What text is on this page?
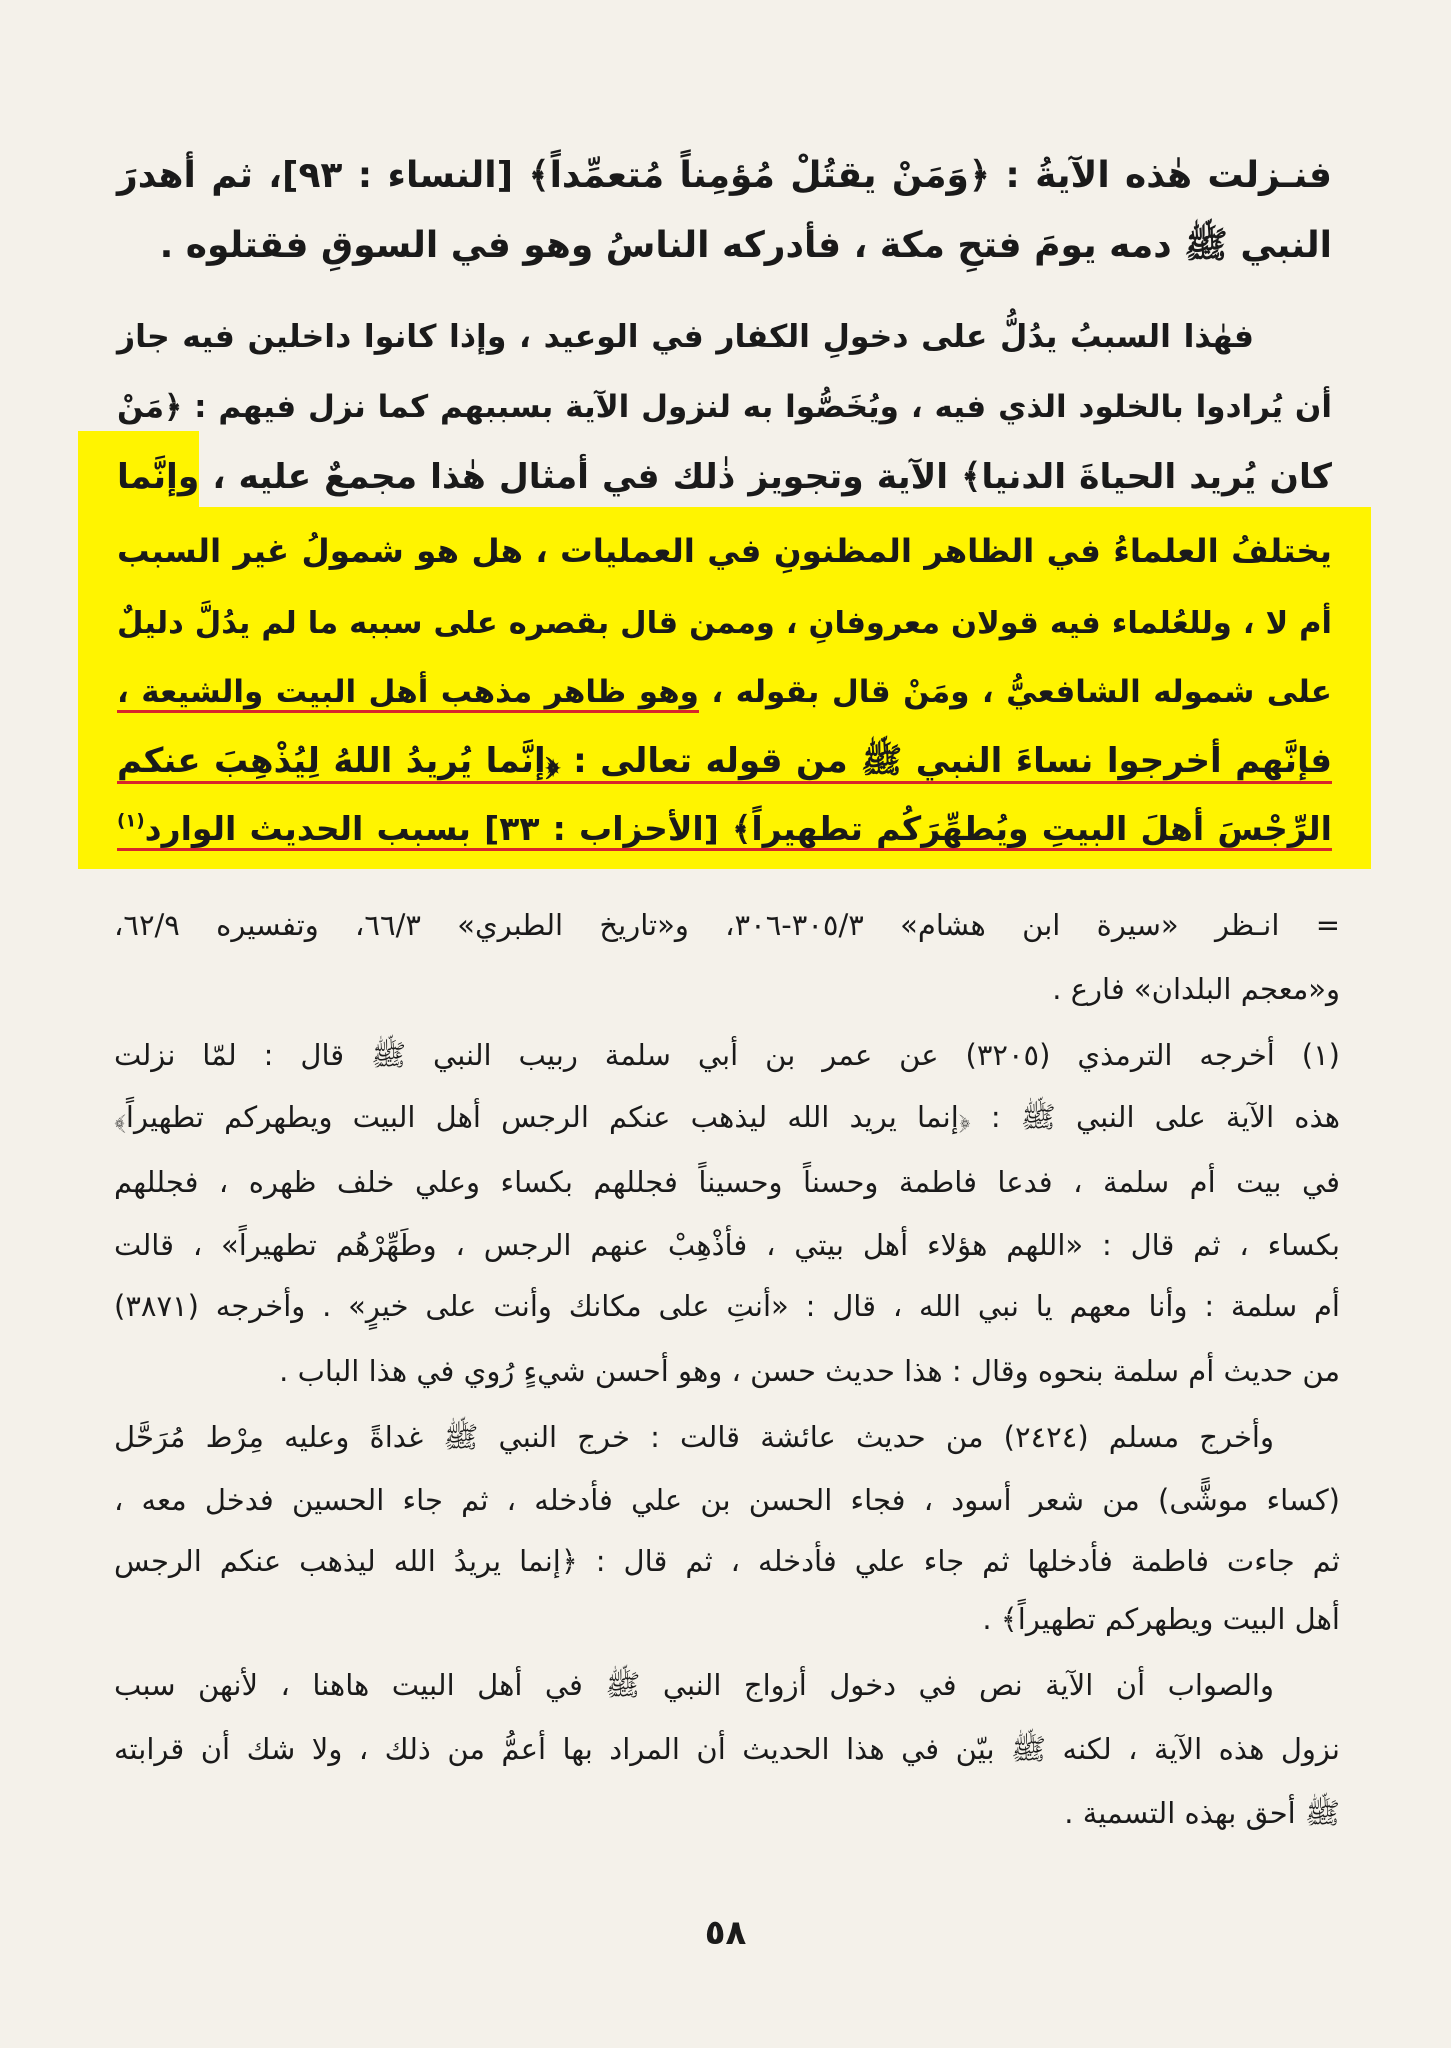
فنـزلت هٰذه الآيةُ : ﴿وَمَنْ يقتُلْ مُؤمِناً مُتعمِّداً﴾ [النساء : ٩٣]، ثم أهدرَ
النبي ﷺ دمه يومَ فتحِ مكة ، فأدركه الناسُ وهو في السوقِ فقتلوه .
فهٰذا السببُ يدُلُّ على دخولِ الكفار في الوعيد ، وإذا كانوا داخلين فيه جاز
أن يُرادوا بالخلود الذي فيه ، ويُخَصُّوا به لنزول الآية بسببهم كما نزل فيهم : ﴿مَنْ
كان يُريد الحياةَ الدنيا﴾ الآية وتجويز ذٰلك في أمثال هٰذا مجمعٌ عليه ، وإنَّما
يختلفُ العلماءُ في الظاهر المظنونِ في العمليات ، هل هو شمولُ غير السبب
أم لا ، وللعُلماء فيه قولان معروفانِ ، وممن قال بقصره على سببه ما لم يدُلَّ دليلٌ
على شموله الشافعيُّ ، ومَنْ قال بقوله ، وهو ظاهر مذهب أهل البيت والشيعة ،
فإنَّهم أخرجوا نساءَ النبي ﷺ من قوله تعالى : ﴿إنَّما يُريدُ اللهُ لِيُذْهِبَ عنكم
الرِّجْسَ أهلَ البيتِ ويُطهِّرَكُم تطهيراً﴾ [الأحزاب : ٣٣] بسبب الحديث الوارد$^{(١)}$
= انـظر «سيرة ابن هشام» ٣٠٥/٣-٣٠٦، و«تاريخ الطبري» ٦٦/٣، وتفسيره ٦٢/٩،
و«معجم البلدان» فارع .
(١) أخرجه الترمذي (٣٢٠٥) عن عمر بن أبي سلمة ربيب النبي ﷺ قال : لمّا نزلت
هذه الآية على النبي ﷺ : ﴿إنما يريد الله ليذهب عنكم الرجس أهل البيت ويطهركم تطهيراً﴾
في بيت أم سلمة ، فدعا فاطمة وحسناً وحسيناً فجللهم بكساء وعلي خلف ظهره ، فجللهم
بكساء ، ثم قال : «اللهم هؤلاء أهل بيتي ، فأذْهِبْ عنهم الرجس ، وطَهِّرْهُم تطهيراً» ، قالت
أم سلمة : وأنا معهم يا نبي الله ، قال : «أنتِ على مكانك وأنت على خيرٍ» . وأخرجه (٣٨٧١)
من حديث أم سلمة بنحوه وقال : هذا حديث حسن ، وهو أحسن شيءٍ رُوي في هذا الباب .
وأخرج مسلم (٢٤٢٤) من حديث عائشة قالت : خرج النبي ﷺ غداةً وعليه مِرْط مُرَحَّل
(كساء موشًّى) من شعر أسود ، فجاء الحسن بن علي فأدخله ، ثم جاء الحسين فدخل معه ،
ثم جاءت فاطمة فأدخلها ثم جاء علي فأدخله ، ثم قال : ﴿إنما يريدُ الله ليذهب عنكم الرجس
أهل البيت ويطهركم تطهيراً﴾ .
والصواب أن الآية نص في دخول أزواج النبي ﷺ في أهل البيت هاهنا ، لأنهن سبب
نزول هذه الآية ، لكنه ﷺ بيّن في هذا الحديث أن المراد بها أعمُّ من ذلك ، ولا شك أن قرابته
ﷺ أحق بهذه التسمية .
٥٨
